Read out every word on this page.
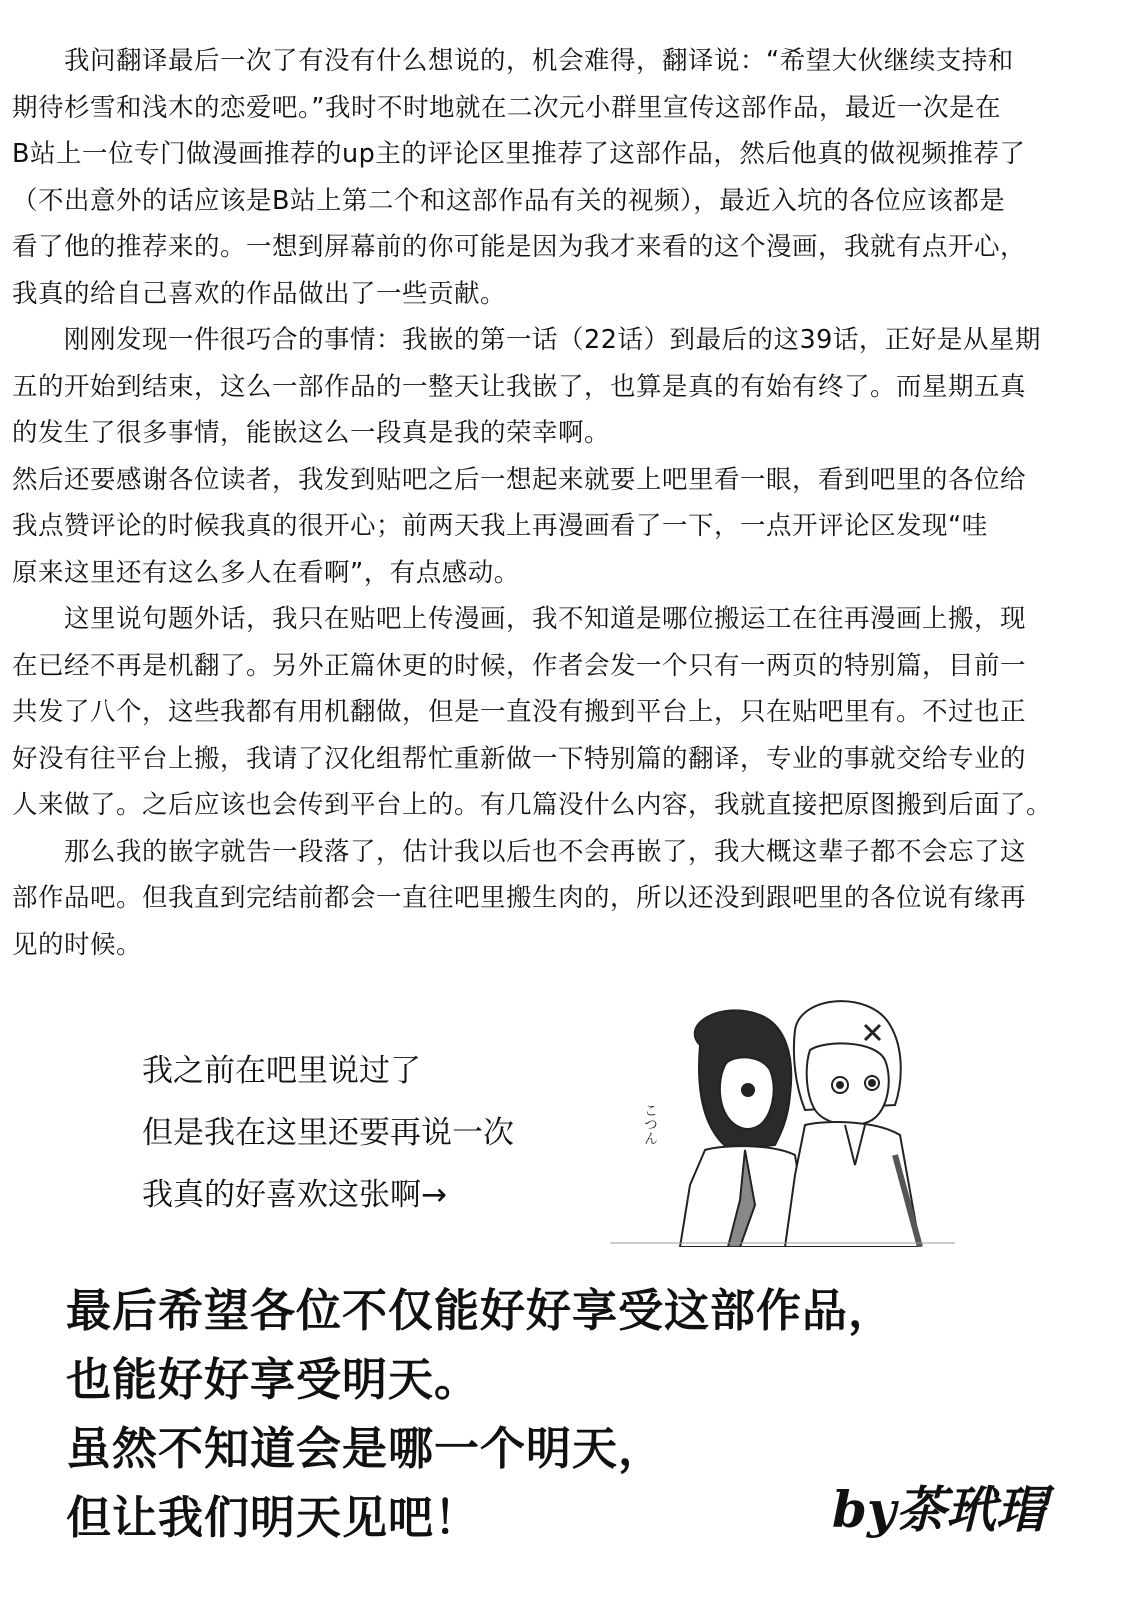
　　我问翻译最后一次了有没有什么想说的，机会难得，翻译说：“希望大伙继续支持和
期待杉雪和浅木的恋爱吧。”我时不时地就在二次元小群里宣传这部作品，最近一次是在
B站上一位专门做漫画推荐的up主的评论区里推荐了这部作品，然后他真的做视频推荐了
（不出意外的话应该是B站上第二个和这部作品有关的视频），最近入坑的各位应该都是
看了他的推荐来的。一想到屏幕前的你可能是因为我才来看的这个漫画，我就有点开心，
我真的给自己喜欢的作品做出了一些贡献。
　　刚刚发现一件很巧合的事情：我嵌的第一话（22话）到最后的这39话，正好是从星期
五的开始到结束，这么一部作品的一整天让我嵌了，也算是真的有始有终了。而星期五真
的发生了很多事情，能嵌这么一段真是我的荣幸啊。
然后还要感谢各位读者，我发到贴吧之后一想起来就要上吧里看一眼，看到吧里的各位给
我点赞评论的时候我真的很开心；前两天我上再漫画看了一下，一点开评论区发现“哇
原来这里还有这么多人在看啊”，有点感动。
　　这里说句题外话，我只在贴吧上传漫画，我不知道是哪位搬运工在往再漫画上搬，现
在已经不再是机翻了。另外正篇休更的时候，作者会发一个只有一两页的特别篇，目前一
共发了八个，这些我都有用机翻做，但是一直没有搬到平台上，只在贴吧里有。不过也正
好没有往平台上搬，我请了汉化组帮忙重新做一下特别篇的翻译，专业的事就交给专业的
人来做了。之后应该也会传到平台上的。有几篇没什么内容，我就直接把原图搬到后面了。
　　那么我的嵌字就告一段落了，估计我以后也不会再嵌了，我大概这辈子都不会忘了这
部作品吧。但我直到完结前都会一直往吧里搬生肉的，所以还没到跟吧里的各位说有缘再
见的时候。
我之前在吧里说过了
但是我在这里还要再说一次
我真的好喜欢这张啊→
こつん
最后希望各位不仅能好好享受这部作品，
也能好好享受明天。
虽然不知道会是哪一个明天，
但让我们明天见吧！	by茶玳瑁
